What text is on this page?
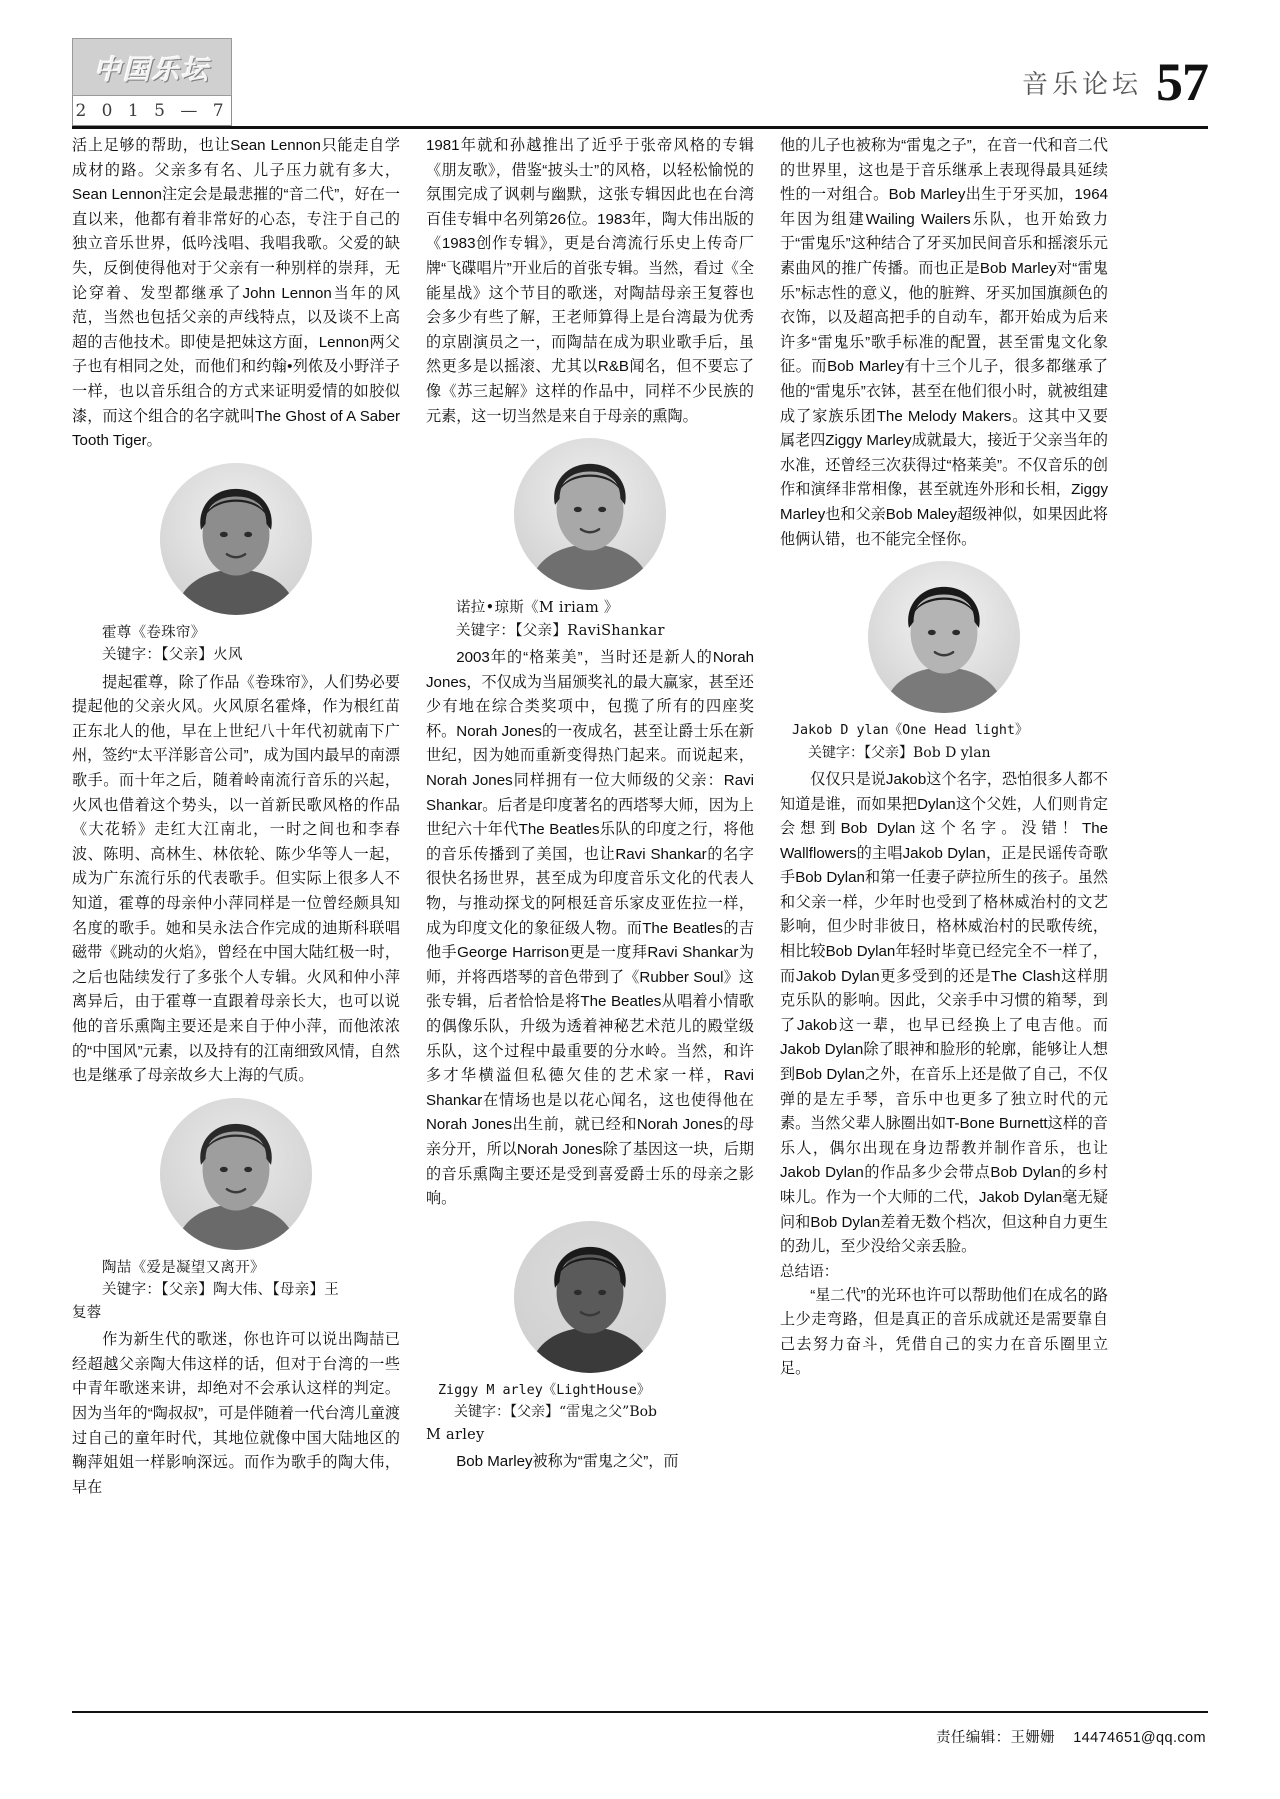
中国乐坛
2 0 1 5 — 7
音乐论坛 57

活上足够的帮助，也让Sean Lennon只能走自学成材的路。父亲多有名、儿子压力就有多大，Sean Lennon注定会是最悲摧的“音二代”，好在一直以来，他都有着非常好的心态，专注于自己的独立音乐世界，低吟浅唱、我唱我歌。父爱的缺失，反倒使得他对于父亲有一种别样的崇拜，无论穿着、发型都继承了John Lennon当年的风范，当然也包括父亲的声线特点，以及谈不上高超的吉他技术。即使是把妹这方面，Lennon两父子也有相同之处，而他们和约翰•列侬及小野洋子一样，也以音乐组合的方式来证明爱情的如胶似漆，而这个组合的名字就叫The Ghost of A Saber Tooth Tiger。

霍尊《卷珠帘》
关键字：【父亲】火风

提起霍尊，除了作品《卷珠帘》，人们势必要提起他的父亲火风。火风原名霍烽，作为根红苗正东北人的他，早在上世纪八十年代初就南下广州，签约“太平洋影音公司”，成为国内最早的南漂歌手。而十年之后，随着岭南流行音乐的兴起，火风也借着这个势头，以一首新民歌风格的作品《大花轿》走红大江南北，一时之间也和李春波、陈明、高林生、林依轮、陈少华等人一起，成为广东流行乐的代表歌手。但实际上很多人不知道，霍尊的母亲仲小萍同样是一位曾经颇具知名度的歌手。她和吴永法合作完成的迪斯科联唱磁带《跳动的火焰》，曾经在中国大陆红极一时，之后也陆续发行了多张个人专辑。火风和仲小萍离异后，由于霍尊一直跟着母亲长大，也可以说他的音乐熏陶主要还是来自于仲小萍，而他浓浓的“中国风”元素，以及持有的江南细致风情，自然也是继承了母亲故乡大上海的气质。

陶喆《爱是凝望又离开》
关键字：【父亲】陶大伟、【母亲】王
复蓉

作为新生代的歌迷，你也许可以说出陶喆已经超越父亲陶大伟这样的话，但对于台湾的一些中青年歌迷来讲，却绝对不会承认这样的判定。因为当年的“陶叔叔”，可是伴随着一代台湾儿童渡过自己的童年时代，其地位就像中国大陆地区的鞠萍姐姐一样影响深远。而作为歌手的陶大伟，早在

1981年就和孙越推出了近乎于张帝风格的专辑《朋友歌》，借鉴“披头士”的风格，以轻松愉悦的氛围完成了讽刺与幽默，这张专辑因此也在台湾百佳专辑中名列第26位。1983年，陶大伟出版的《1983创作专辑》，更是台湾流行乐史上传奇厂牌“飞碟唱片”开业后的首张专辑。当然，看过《全能星战》这个节目的歌迷，对陶喆母亲王复蓉也会多少有些了解，王老师算得上是台湾最为优秀的京剧演员之一，而陶喆在成为职业歌手后，虽然更多是以摇滚、尤其以R&B闻名，但不要忘了像《苏三起解》这样的作品中，同样不少民族的元素，这一切当然是来自于母亲的熏陶。

诺拉•琼斯《M iriam 》
关键字：【父亲】RaviShankar

2003年的“格莱美”，当时还是新人的Norah Jones，不仅成为当届颁奖礼的最大赢家，甚至还少有地在综合类奖项中，包揽了所有的四座奖杯。Norah Jones的一夜成名，甚至让爵士乐在新世纪，因为她而重新变得热门起来。而说起来，Norah Jones同样拥有一位大师级的父亲：Ravi Shankar。后者是印度著名的西塔琴大师，因为上世纪六十年代The Beatles乐队的印度之行，将他的音乐传播到了美国，也让Ravi Shankar的名字很快名扬世界，甚至成为印度音乐文化的代表人物，与推动探戈的阿根廷音乐家皮亚佐拉一样，成为印度文化的象征级人物。而The Beatles的吉他手George Harrison更是一度拜Ravi Shankar为师，并将西塔琴的音色带到了《Rubber Soul》这张专辑，后者恰恰是将The Beatles从唱着小情歌的偶像乐队，升级为透着神秘艺术范儿的殿堂级乐队，这个过程中最重要的分水岭。当然，和许多才华横溢但私德欠佳的艺术家一样，Ravi Shankar在情场也是以花心闻名，这也使得他在Norah Jones出生前，就已经和Norah Jones的母亲分开，所以Norah Jones除了基因这一块，后期的音乐熏陶主要还是受到喜爱爵士乐的母亲之影响。

Ziggy M arley《LightHouse》
关键字：【父亲】“雷鬼之父”Bob
M arley

Bob Marley被称为“雷鬼之父”，而

他的儿子也被称为“雷鬼之子”，在音一代和音二代的世界里，这也是于音乐继承上表现得最具延续性的一对组合。Bob Marley出生于牙买加，1964年因为组建Wailing Wailers乐队，也开始致力于“雷鬼乐”这种结合了牙买加民间音乐和摇滚乐元素曲风的推广传播。而也正是Bob Marley对“雷鬼乐”标志性的意义，他的脏辫、牙买加国旗颜色的衣饰，以及超高把手的自动车，都开始成为后来许多“雷鬼乐”歌手标准的配置，甚至雷鬼文化象征。而Bob Marley有十三个儿子，很多都继承了他的“雷鬼乐”衣钵，甚至在他们很小时，就被组建成了家族乐团The Melody Makers。这其中又要属老四Ziggy Marley成就最大，接近于父亲当年的水准，还曾经三次获得过“格莱美”。不仅音乐的创作和演绎非常相像，甚至就连外形和长相，Ziggy Marley也和父亲Bob Maley超级神似，如果因此将他俩认错，也不能完全怪你。

Jakob D ylan《One Head light》
关键字：【父亲】Bob D ylan

仅仅只是说Jakob这个名字，恐怕很多人都不知道是谁，而如果把Dylan这个父姓，人们则肯定会想到Bob Dylan这个名字。没错！The Wallflowers的主唱Jakob Dylan，正是民谣传奇歌手Bob Dylan和第一任妻子萨拉所生的孩子。虽然和父亲一样，少年时也受到了格林威治村的文艺影响，但少时非彼日，格林威治村的民歌传统，相比较Bob Dylan年轻时毕竟已经完全不一样了，而Jakob Dylan更多受到的还是The Clash这样朋克乐队的影响。因此，父亲手中习惯的箱琴，到了Jakob这一辈，也早已经换上了电吉他。而Jakob Dylan除了眼神和脸形的轮廓，能够让人想到Bob Dylan之外，在音乐上还是做了自己，不仅弹的是左手琴，音乐中也更多了独立时代的元素。当然父辈人脉圈出如T-Bone Burnett这样的音乐人，偶尔出现在身边帮教并制作音乐，也让Jakob Dylan的作品多少会带点Bob Dylan的乡村味儿。作为一个大师的二代，Jakob Dylan毫无疑问和Bob Dylan差着无数个档次，但这种自力更生的劲儿，至少没给父亲丢脸。

总结语：

“星二代”的光环也许可以帮助他们在成名的路上少走弯路，但是真正的音乐成就还是需要靠自己去努力奋斗，凭借自己的实力在音乐圈里立足。

责任编辑：王姗姗 14474651@qq.com
